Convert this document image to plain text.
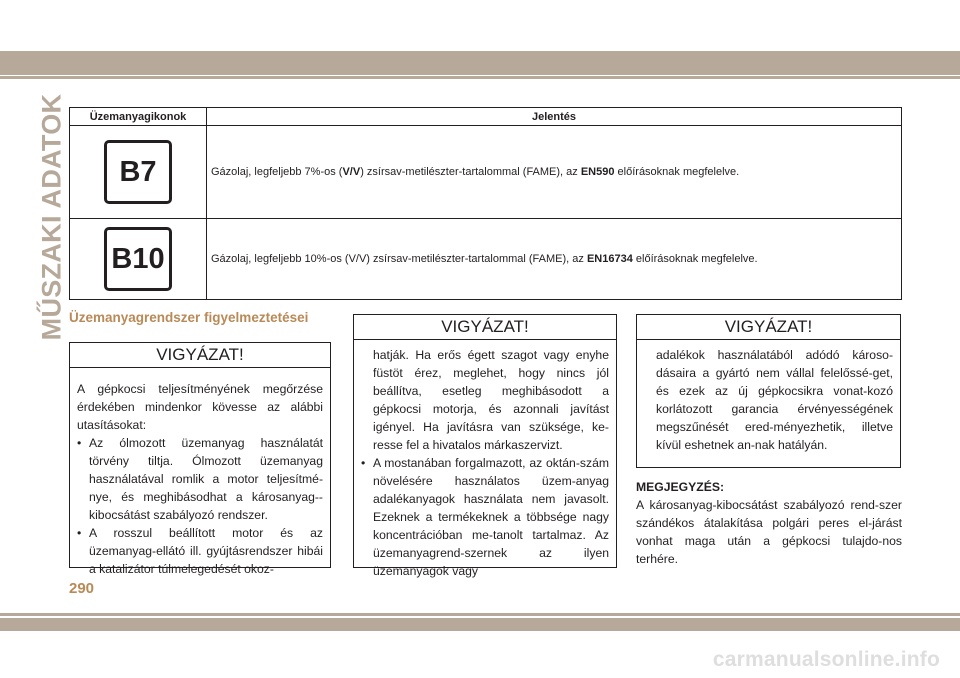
MŰSZAKI ADATOK Üzemanyagikonok	Jelentés
B7	Gázolaj, legfeljebb 7%-os (V/V) zsírsav-metilészter-tartalommal (FAME), az EN590 előírásoknak megfelelve.
B10	Gázolaj, legfeljebb 10%-os (V/V) zsírsav-metilészter-tartalommal (FAME), az EN16734 előírásoknak megfelelve.
Üzemanyagrendszer figyelmeztetései
VIGYÁZAT!

A gépkocsi teljesítményének megőrzése érdekében mindenkor kövesse az alábbi utasításokat:

• Az ólmozott üzemanyag használatát törvény tiltja. Ólmozott üzemanyag használatával romlik a motor teljesítmé-nye, és meghibásodhat a károsanyag--kibocsátást szabályozó rendszer.
• A rosszul beállított motor és az üzemanyag-ellátó ill. gyújtásrendszer hibái a katalizátor túlmelegedését okoz-
VIGYÁZAT!

hatják. Ha erős égett szagot vagy enyhe füstöt érez, meglehet, hogy nincs jól beállítva, esetleg meghibásodott a gépkocsi motorja, és azonnali javítást igényel. Ha javításra van szüksége, ke-resse fel a hivatalos márkaszervizt.

• A mostanában forgalmazott, az oktán-szám növelésére használatos üzem-anyag adalékanyagok használata nem javasolt. Ezeknek a termékeknek a többsége nagy koncentrációban me-tanolt tartalmaz. Az üzemanyagrend-szernek az ilyen üzemanyagok vagy
VIGYÁZAT!

adalékok használatából adódó károso-dásaira a gyártó nem vállal felelőssé-get, és ezek az új gépkocsikra vonat-kozó korlátozott garancia érvényességének megszűnését ered-ményezhetik, illetve kívül eshetnek an-nak hatályán.

MEGJEGYZÉS:
A károsanyag-kibocsátást szabályozó rend-szer szándékos átalakítása polgári peres el-járást vonhat maga után a gépkocsi tulajdo-nos terhére.
290
carmanualsonline.info
